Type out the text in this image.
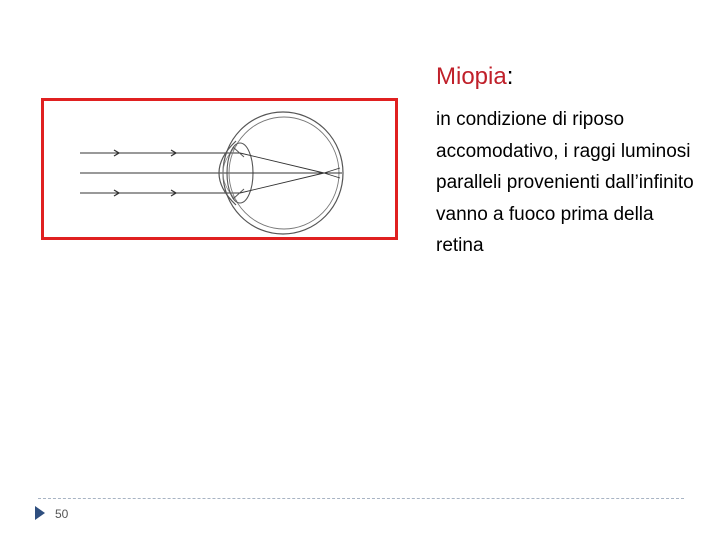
Miopia:
in condizione di riposo accomodativo, i raggi luminosi paralleli provenienti dall’infinito vanno a fuoco prima della retina
50
